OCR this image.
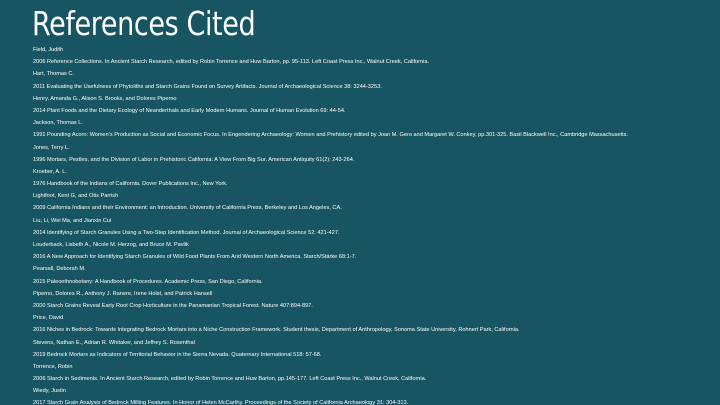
References Cited
Field, Judith
2006 Reference Collections. In Ancient Starch Research, edited by Robin Torrence and Huw Barton, pp. 95-113. Left Coast Press Inc., Walnut Creek, California.
Hart, Thomas C.
2011 Evaluating the Usefulness of Phytoliths and Starch Grains Found on Survey Artifacts. Journal of Archaeological Science 38: 3244-3253.
Henry, Amanda G., Alison S. Brooks, and Dolores Piperno
2014 Plant Foods and the Dietary Ecology of Neanderthals and Early Modern Humans. Journal of Human Evolution 69: 44-54.
Jackson, Thomas L.
1991 Pounding Acorn: Women's Production as Social and Economic Focus. In Engendering Archaeology: Women and Prehistory edited by Joan M. Gero and Margaret W. Conkey, pp.301-325. Basil Blackwell Inc., Cambridge Massachusetts.
Jones, Terry L.
1996 Mortars, Pestles, and the Division of Labor in Prehistoric California: A View From Big Sur. American Antiquity 61(2): 243-264.
Kroeber, A. L.
1976 Handbook of the Indians of California. Dover Publications Inc., New York.
Lightfoot, Kent G, and Otis Parrish
2009 California Indians and their Environment: an Introduction. University of California Press, Berkeley and Los Angeles, CA.
Liu, Li, Wei Ma, and Jianxin Cui
2014 Identifying of Starch Granules Using a Two-Step Identification Method. Journal of Archaeological Science 52: 421-427.
Louderback, Lisbeth A., Nicole M. Herzog, and Bruce M. Pavlik
2016 A New Approach for Identifying Starch Granules of Wild Food Plants From Arid Western North America. Starch/Stärke 68:1-7.
Pearsall, Deborah M.
2015 Paleoethnobotany: A Handbook of Procedures. Academic Press, San Diego, California.
Piperno, Dolores R., Anthony J. Ranere, Irene Holst, and Patrick Hansell
2000 Starch Grains Reveal Early Root Crop Horticulture in the Panamanian Tropical Forest. Nature 407:894-897.
Price, David
2016 Niches in Bedrock: Towards Integrating Bedrock Mortars into a Niche Construction Framework. Student thesis, Department of Anthropology, Sonoma State University, Rohnert Park, California.
Stevens, Nathan E., Adrian R. Whitaker, and Jeffrey S. Rosenthal
2019 Bedrock Mortars as Indicators of Territorial Behavior in the Sierra Nevada. Quaternary International 518: 57-68.
Torrence, Robin
2006 Starch in Sediments. In Ancient Starch Research, edited by Robin Torrence and Huw Barton, pp.145-177. Left Coast Press Inc., Walnut Creek, California.
Wiedy, Justin
2017 Starch Grain Analysis of Bedrock Milling Features. In Honor of Helen McCarthy. Proceedings of the Society of California Archaeology 31: 304-313.
